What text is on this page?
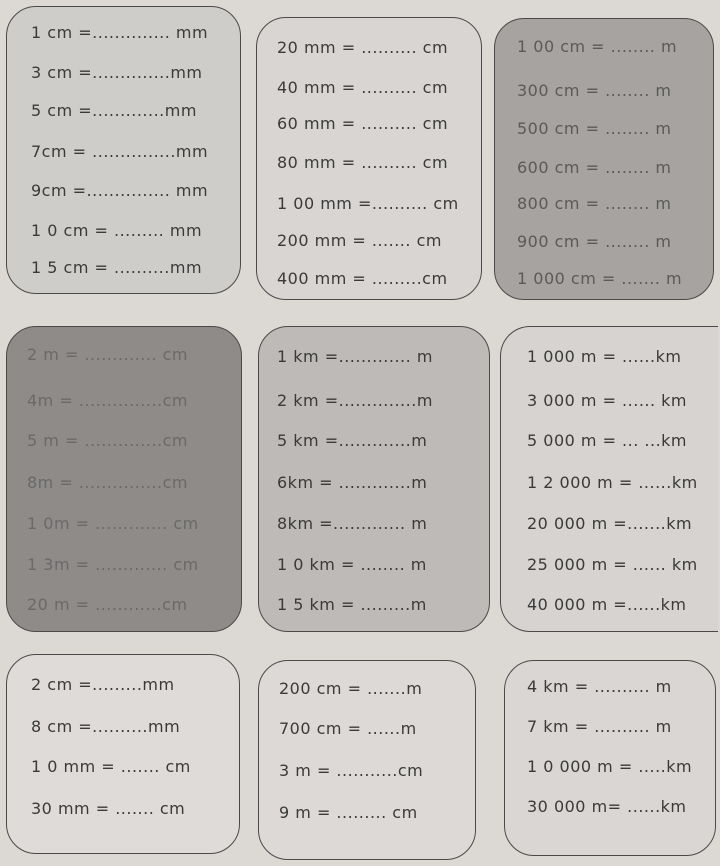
1 cm =.............. mm
3 cm =..............mm
5 cm =.............mm
7cm = ...............mm
9cm =............... mm
1 0 cm = ......... mm
1 5 cm = ..........mm
20 mm = .......... cm
40 mm = .......... cm
60 mm = .......... cm
80 mm = .......... cm
1 00 mm =.......... cm
200 mm = ....... cm
400 mm = .........cm
1 00 cm = ........ m
300 cm = ........ m
500 cm = ........ m
600 cm = ........ m
800 cm = ........ m
900 cm = ........ m
1 000 cm = ....... m
2 m = ............. cm
4m = ...............cm
5 m = ..............cm
8m = ...............cm
1 0m = ............. cm
1 3m = ............. cm
20 m = ............cm
1 km =............. m
2 km =..............m
5 km =.............m
6km = .............m
8km =............. m
1 0 km = ........ m
1 5 km = .........m
1 000 m = ......km
3 000 m = ...... km
5 000 m = ... ...km
1 2 000 m = ......km
20 000 m =.......km
25 000 m = ...... km
40 000 m =......km
2 cm =.........mm
8 cm =..........mm
1 0 mm = ....... cm
30 mm = ....... cm
200 cm = .......m
700 cm = ......m
3 m = ...........cm
9 m = ......... cm
4 km = .......... m
7 km = .......... m
1 0 000 m = .....km
30 000 m= ......km
